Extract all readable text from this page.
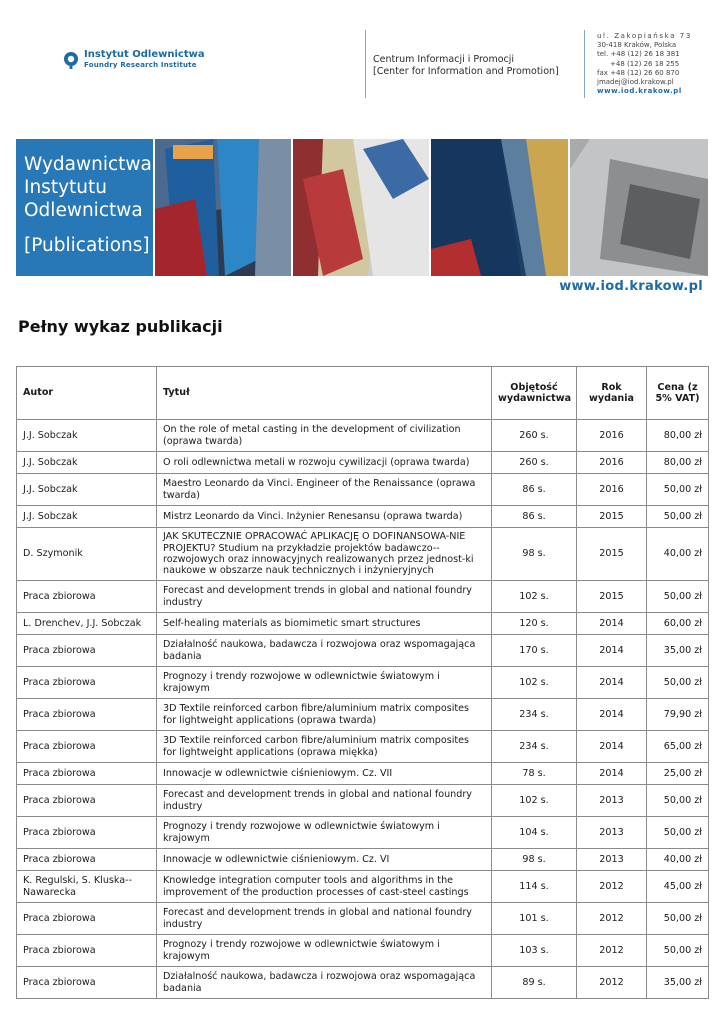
Instytut Odlewnictwa
Foundry Research Institute	Centrum Informacji i Promocji
[Center for Information and Promotion]
ul. Zakopiańska 73
30-418 Kraków, Polska
tel. +48 (12) 26 18 381
+48 (12) 26 18 255
fax +48 (12) 26 60 870
jmadej@iod.krakow.pl
www.iod.krakow.pl
Wydawnictwa
Instytutu
Odlewnictwa
[Publications]
www.iod.krakow.pl
Pełny wykaz publikacji
Autor	Tytuł	Objętość wydawnictwa	Rok wydania	Cena (z 5% VAT)
J.J. Sobczak	On the role of metal casting in the development of civilization (oprawa twarda)	260 s.	2016	80,00 zł
J.J. Sobczak	O roli odlewnictwa metali w rozwoju cywilizacji (oprawa twarda)	260 s.	2016	80,00 zł
J.J. Sobczak	Maestro Leonardo da Vinci. Engineer of the Renaissance (oprawa twarda)	86 s.	2016	50,00 zł
J.J. Sobczak	Mistrz Leonardo da Vinci. Inżynier Renesansu (oprawa twarda)	86 s.	2015	50,00 zł
D. Szymonik	JAK SKUTECZNIE OPRACOWAĆ APLIKACJĘ O DOFINANSOWA-NIE PROJEKTU? Studium na przykładzie projektów badawczo--rozwojowych oraz innowacyjnych realizowanych przez jednost-ki naukowe w obszarze nauk technicznych i inżynieryjnych	98 s.	2015	40,00 zł
Praca zbiorowa	Forecast and development trends in global and national foundry industry	102 s.	2015	50,00 zł
L. Drenchev, J.J. Sobczak	Self-healing materials as biomimetic smart structures	120 s.	2014	60,00 zł
Praca zbiorowa	Działalność naukowa, badawcza i rozwojowa oraz wspomagająca badania	170 s.	2014	35,00 zł
Praca zbiorowa	Prognozy i trendy rozwojowe w odlewnictwie światowym i krajowym	102 s.	2014	50,00 zł
Praca zbiorowa	3D Textile reinforced carbon fibre/aluminium matrix composites for lightweight applications (oprawa twarda)	234 s.	2014	79,90 zł
Praca zbiorowa	3D Textile reinforced carbon fibre/aluminium matrix composites for lightweight applications (oprawa miękka)	234 s.	2014	65,00 zł
Praca zbiorowa	Innowacje w odlewnictwie ciśnieniowym. Cz. VII	78 s.	2014	25,00 zł
Praca zbiorowa	Forecast and development trends in global and national foundry industry	102 s.	2013	50,00 zł
Praca zbiorowa	Prognozy i trendy rozwojowe w odlewnictwie światowym i krajowym	104 s.	2013	50,00 zł
Praca zbiorowa	Innowacje w odlewnictwie ciśnieniowym. Cz. VI	98 s.	2013	40,00 zł
K. Regulski, S. Kluska--Nawarecka	Knowledge integration computer tools and algorithms in the improvement of the production processes of cast-steel castings	114 s.	2012	45,00 zł
Praca zbiorowa	Forecast and development trends in global and national foundry industry	101 s.	2012	50,00 zł
Praca zbiorowa	Prognozy i trendy rozwojowe w odlewnictwie światowym i krajowym	103 s.	2012	50,00 zł
Praca zbiorowa	Działalność naukowa, badawcza i rozwojowa oraz wspomagająca badania	89 s.	2012	35,00 zł
